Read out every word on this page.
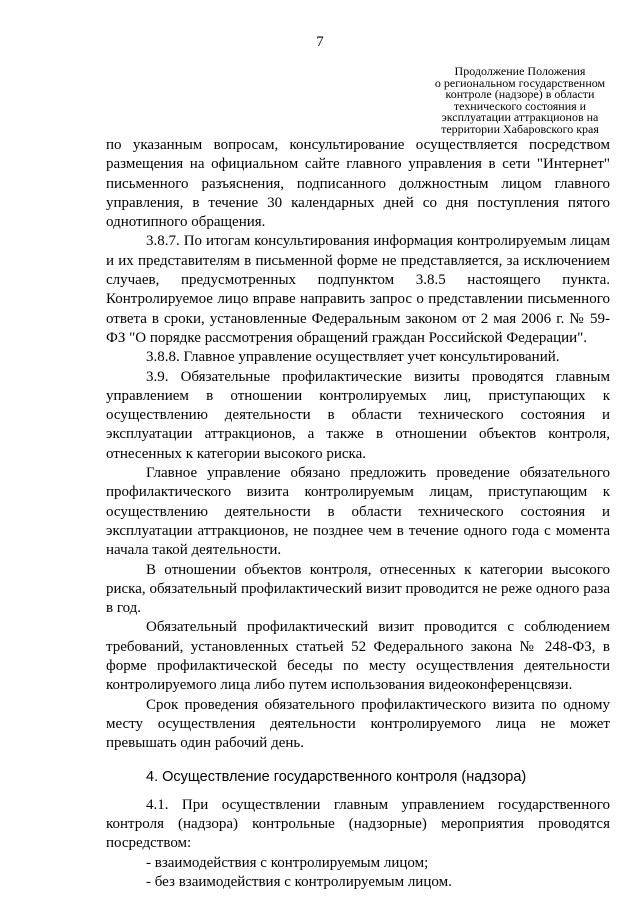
7
Продолжение Положения
о региональном государственном
контроле (надзоре) в области
технического состояния и
эксплуатации аттракционов на
территории Хабаровского края

по указанным вопросам, консультирование осуществляется посредством размещения на официальном сайте главного управления в сети "Интернет" письменного разъяснения, подписанного должностным лицом главного управления, в течение 30 календарных дней со дня поступления пятого однотипного обращения.

3.8.7. По итогам консультирования информация контролируемым лицам и их представителям в письменной форме не представляется, за исключением случаев, предусмотренных подпунктом 3.8.5 настоящего пункта. Контролируемое лицо вправе направить запрос о представлении письменного ответа в сроки, установленные Федеральным законом от 2 мая 2006 г. № 59-ФЗ "О порядке рассмотрения обращений граждан Российской Федерации".

3.8.8. Главное управление осуществляет учет консультирований.

3.9. Обязательные профилактические визиты проводятся главным управлением в отношении контролируемых лиц, приступающих к осуществлению деятельности в области технического состояния и эксплуатации аттракционов, а также в отношении объектов контроля, отнесенных к категории высокого риска.

Главное управление обязано предложить проведение обязательного профилактического визита контролируемым лицам, приступающим к осуществлению деятельности в области технического состояния и эксплуатации аттракционов, не позднее чем в течение одного года с момента начала такой деятельности.

В отношении объектов контроля, отнесенных к категории высокого риска, обязательный профилактический визит проводится не реже одного раза в год.

Обязательный профилактический визит проводится с соблюдением требований, установленных статьей 52 Федерального закона № 248-ФЗ, в форме профилактической беседы по месту осуществления деятельности контролируемого лица либо путем использования видеоконференцсвязи.

Срок проведения обязательного профилактического визита по одному месту осуществления деятельности контролируемого лица не может превышать один рабочий день.

4. Осуществление государственного контроля (надзора)

4.1. При осуществлении главным управлением государственного контроля (надзора) контрольные (надзорные) мероприятия проводятся посредством:

- взаимодействия с контролируемым лицом;

- без взаимодействия с контролируемым лицом.
